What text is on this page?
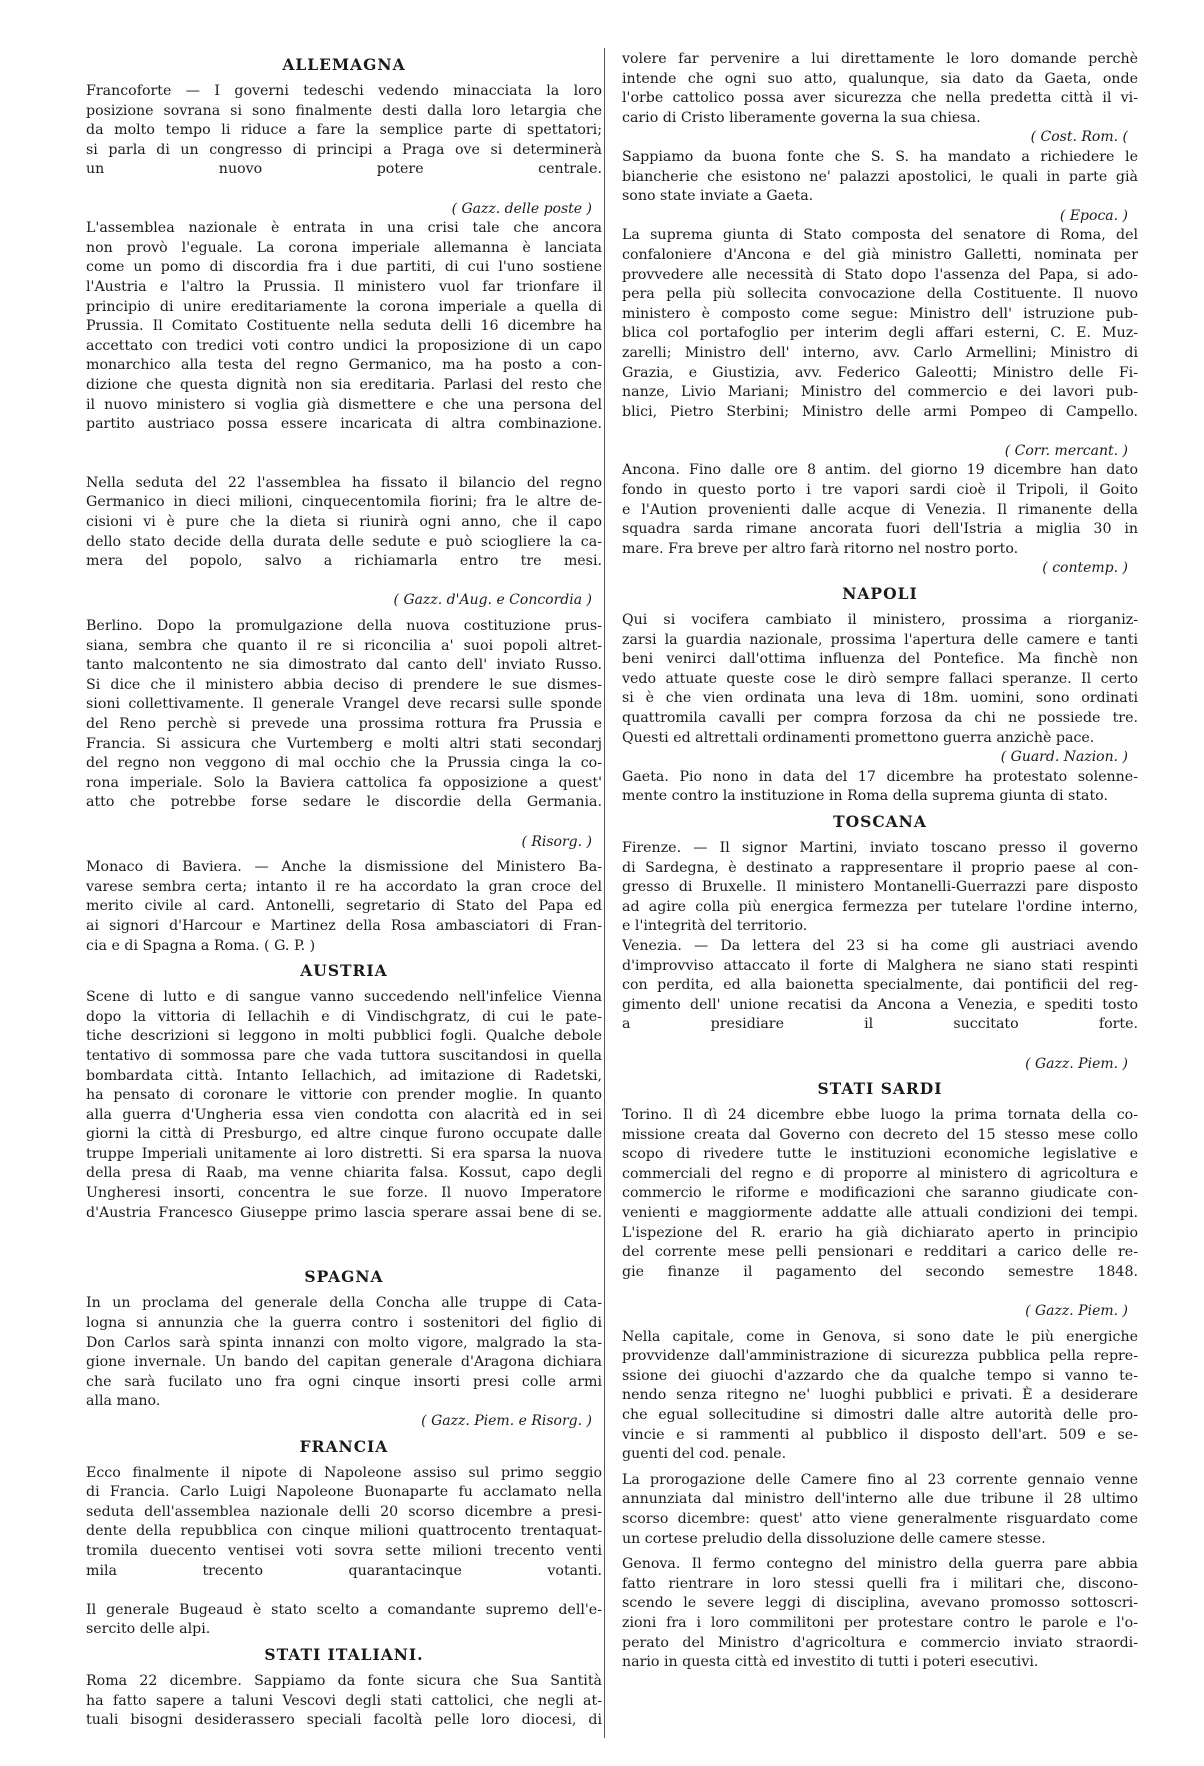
ALLEMAGNA
Francoforte — I governi tedeschi vedendo minacciata la loro
posizione sovrana si sono finalmente desti dalla loro letargia che
da molto tempo li riduce a fare la semplice parte di spettatori;
si parla di un congresso di principi a Praga ove si determinerà
un nuovo potere centrale.
( Gazz. delle poste )
L'assemblea nazionale è entrata in una crisi tale che ancora
non provò l'eguale. La corona imperiale allemanna è lanciata
come un pomo di discordia fra i due partiti, di cui l'uno sostiene
l'Austria e l'altro la Prussia. Il ministero vuol far trionfare il
principio di unire ereditariamente la corona imperiale a quella di
Prussia. Il Comitato Costituente nella seduta delli 16 dicembre ha
accettato con tredici voti contro undici la proposizione di un capo
monarchico alla testa del regno Germanico, ma ha posto a con-
dizione che questa dignità non sia ereditaria. Parlasi del resto che
il nuovo ministero si voglia già dismettere e che una persona del
partito austriaco possa essere incaricata di altra combinazione.
Nella seduta del 22 l'assemblea ha fissato il bilancio del regno
Germanico in dieci milioni, cinquecentomila fiorini; fra le altre de-
cisioni vi è pure che la dieta si riunirà ogni anno, che il capo
dello stato decide della durata delle sedute e può sciogliere la ca-
mera del popolo, salvo a richiamarla entro tre mesi.
( Gazz. d'Aug. e Concordia )
Berlino. Dopo la promulgazione della nuova costituzione prus-
siana, sembra che quanto il re si riconcilia a' suoi popoli altret-
tanto malcontento ne sia dimostrato dal canto dell' inviato Russo.
Si dice che il ministero abbia deciso di prendere le sue dismes-
sioni collettivamente. Il generale Vrangel deve recarsi sulle sponde
del Reno perchè si prevede una prossima rottura fra Prussia e
Francia. Si assicura che Vurtemberg e molti altri stati secondarj
del regno non veggono di mal occhio che la Prussia cinga la co-
rona imperiale. Solo la Baviera cattolica fa opposizione a quest'
atto che potrebbe forse sedare le discordie della Germania.
( Risorg. )
Monaco di Baviera. — Anche la dismissione del Ministero Ba-
varese sembra certa; intanto il re ha accordato la gran croce del
merito civile al card. Antonelli, segretario di Stato del Papa ed
ai signori d'Harcour e Martinez della Rosa ambasciatori di Fran-
cia e di Spagna a Roma. ( G. P. )
AUSTRIA
Scene di lutto e di sangue vanno succedendo nell'infelice Vienna
dopo la vittoria di Iellachih e di Vindischgratz, di cui le pate-
tiche descrizioni si leggono in molti pubblici fogli. Qualche debole
tentativo di sommossa pare che vada tuttora suscitandosi in quella
bombardata città. Intanto Iellachich, ad imitazione di Radetski,
ha pensato di coronare le vittorie con prender moglie. In quanto
alla guerra d'Ungheria essa vien condotta con alacrità ed in sei
giorni la città di Presburgo, ed altre cinque furono occupate dalle
truppe Imperiali unitamente ai loro distretti. Si era sparsa la nuova
della presa di Raab, ma venne chiarita falsa. Kossut, capo degli
Ungheresi insorti, concentra le sue forze. Il nuovo Imperatore
d'Austria Francesco Giuseppe primo lascia sperare assai bene di se.
SPAGNA
In un proclama del generale della Concha alle truppe di Cata-
logna si annunzia che la guerra contro i sostenitori del figlio di
Don Carlos sarà spinta innanzi con molto vigore, malgrado la sta-
gione invernale. Un bando del capitan generale d'Aragona dichiara
che sarà fucilato uno fra ogni cinque insorti presi colle armi
alla mano.
( Gazz. Piem. e Risorg. )
FRANCIA
Ecco finalmente il nipote di Napoleone assiso sul primo seggio
di Francia. Carlo Luigi Napoleone Buonaparte fu acclamato nella
seduta dell'assemblea nazionale delli 20 scorso dicembre a presi-
dente della repubblica con cinque milioni quattrocento trentaquat-
tromila duecento ventisei voti sovra sette milioni trecento venti
mila trecento quarantacinque votanti.
Il generale Bugeaud è stato scelto a comandante supremo dell'e-
sercito delle alpi.
STATI ITALIANI.
Roma 22 dicembre. Sappiamo da fonte sicura che Sua Santità
ha fatto sapere a taluni Vescovi degli stati cattolici, che negli at-
tuali bisogni desiderassero speciali facoltà pelle loro diocesi, di
volere far pervenire a lui direttamente le loro domande perchè
intende che ogni suo atto, qualunque, sia dato da Gaeta, onde
l'orbe cattolico possa aver sicurezza che nella predetta città il vi-
cario di Cristo liberamente governa la sua chiesa.
( Cost. Rom. (
Sappiamo da buona fonte che S. S. ha mandato a richiedere le
biancherie che esistono ne' palazzi apostolici, le quali in parte già
sono state inviate a Gaeta.
( Epoca. )
La suprema giunta di Stato composta del senatore di Roma, del
confaloniere d'Ancona e del già ministro Galletti, nominata per
provvedere alle necessità di Stato dopo l'assenza del Papa, si ado-
pera pella più sollecita convocazione della Costituente. Il nuovo
ministero è composto come segue: Ministro dell' istruzione pub-
blica col portafoglio per interim degli affari esterni, C. E. Muz-
zarelli; Ministro dell' interno, avv. Carlo Armellini; Ministro di
Grazia, e Giustizia, avv. Federico Galeotti; Ministro delle Fi-
nanze, Livio Mariani; Ministro del commercio e dei lavori pub-
blici, Pietro Sterbini; Ministro delle armi Pompeo di Campello.
( Corr. mercant. )
Ancona. Fino dalle ore 8 antim. del giorno 19 dicembre han dato
fondo in questo porto i tre vapori sardi cioè il Tripoli, il Goito
e l'Aution provenienti dalle acque di Venezia. Il rimanente della
squadra sarda rimane ancorata fuori dell'Istria a miglia 30 in
mare. Fra breve per altro farà ritorno nel nostro porto.
( contemp. )
NAPOLI
Qui si vocifera cambiato il ministero, prossima a riorganiz-
zarsi la guardia nazionale, prossima l'apertura delle camere e tanti
beni venirci dall'ottima influenza del Pontefice. Ma finchè non
vedo attuate queste cose le dirò sempre fallaci speranze. Il certo
si è che vien ordinata una leva di 18m. uomini, sono ordinati
quattromila cavalli per compra forzosa da chi ne possiede tre.
Questi ed altrettali ordinamenti promettono guerra anzichè pace.
( Guard. Nazion. )
Gaeta. Pio nono in data del 17 dicembre ha protestato solenne-
mente contro la instituzione in Roma della suprema giunta di stato.
TOSCANA
Firenze. — Il signor Martini, inviato toscano presso il governo
di Sardegna, è destinato a rappresentare il proprio paese al con-
gresso di Bruxelle. Il ministero Montanelli-Guerrazzi pare disposto
ad agire colla più energica fermezza per tutelare l'ordine interno,
e l'integrità del territorio.
Venezia. — Da lettera del 23 si ha come gli austriaci avendo
d'improvviso attaccato il forte di Malghera ne siano stati respinti
con perdita, ed alla baionetta specialmente, dai pontificii del reg-
gimento dell' unione recatisi da Ancona a Venezia, e spediti tosto
a presidiare il succitato forte.
( Gazz. Piem. )
STATI SARDI
Torino. Il dì 24 dicembre ebbe luogo la prima tornata della co-
missione creata dal Governo con decreto del 15 stesso mese collo
scopo di rivedere tutte le instituzioni economiche legislative e
commerciali del regno e di proporre al ministero di agricoltura e
commercio le riforme e modificazioni che saranno giudicate con-
venienti e maggiormente addatte alle attuali condizioni dei tempi.
L'ispezione del R. erario ha già dichiarato aperto in principio
del corrente mese pelli pensionari e redditari a carico delle re-
gie finanze il pagamento del secondo semestre 1848.
( Gazz. Piem. )
Nella capitale, come in Genova, si sono date le più energiche
provvidenze dall'amministrazione di sicurezza pubblica pella repre-
ssione dei giuochi d'azzardo che da qualche tempo si vanno te-
nendo senza ritegno ne' luoghi pubblici e privati. È a desiderare
che egual sollecitudine si dimostri dalle altre autorità delle pro-
vincie e si rammenti al pubblico il disposto dell'art. 509 e se-
guenti del cod. penale.
La prorogazione delle Camere fino al 23 corrente gennaio venne
annunziata dal ministro dell'interno alle due tribune il 28 ultimo
scorso dicembre: quest' atto viene generalmente risguardato come
un cortese preludio della dissoluzione delle camere stesse.
Genova. Il fermo contegno del ministro della guerra pare abbia
fatto rientrare in loro stessi quelli fra i militari che, discono-
scendo le severe leggi di disciplina, avevano promosso sottoscri-
zioni fra i loro commilitoni per protestare contro le parole e l'o-
perato del Ministro d'agricoltura e commercio inviato straordi-
nario in questa città ed investito di tutti i poteri esecutivi.
